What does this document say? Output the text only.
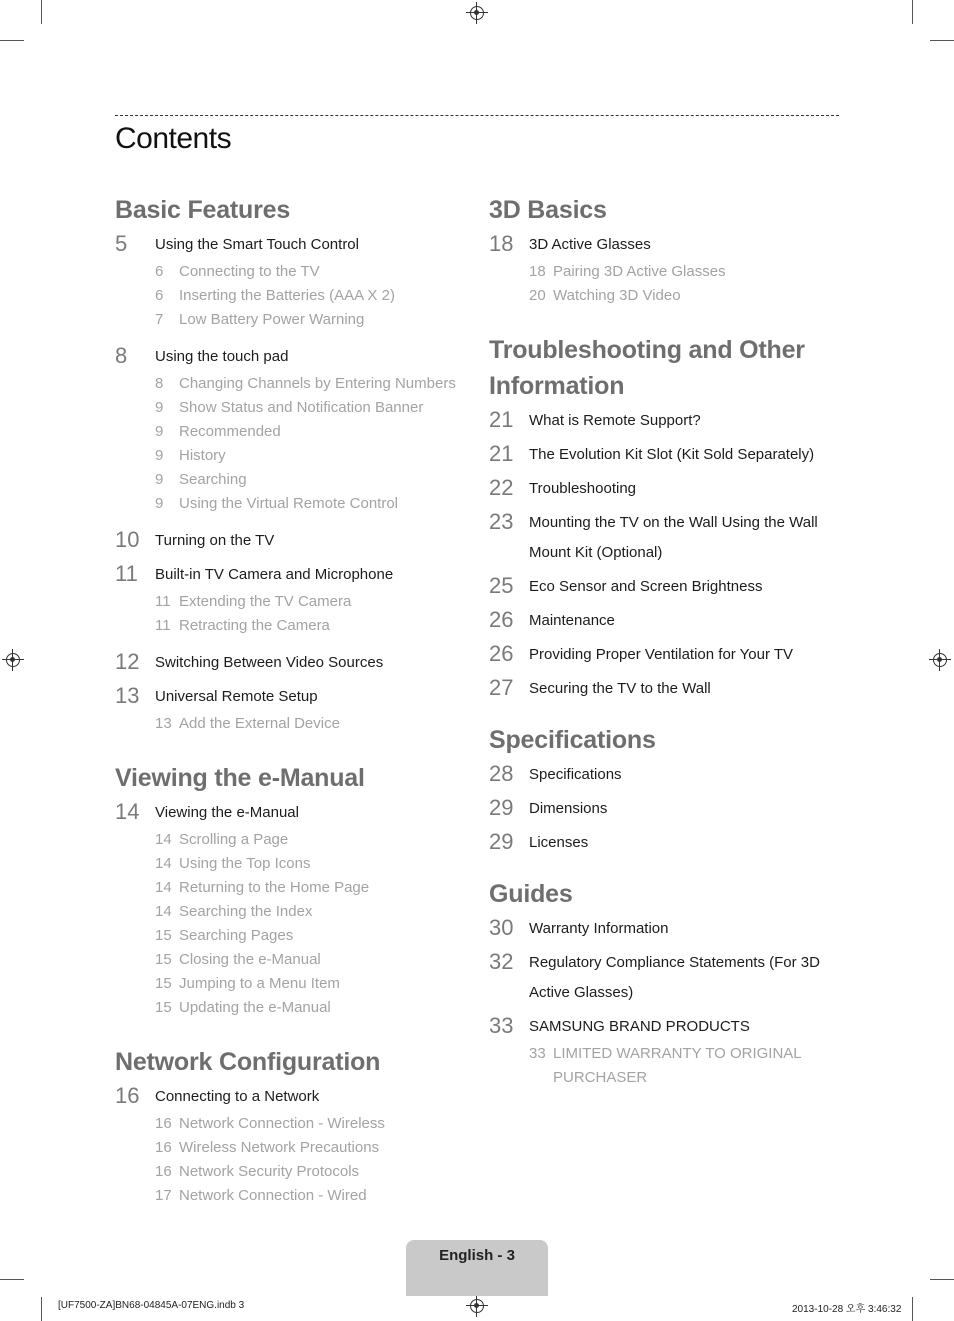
Contents
Basic Features
5	Using the Smart Touch Control
6	Connecting to the TV
6	Inserting the Batteries (AAA X 2)
7	Low Battery Power Warning
8	Using the touch pad
8	Changing Channels by Entering Numbers
9	Show Status and Notification Banner
9	Recommended
9	History
9	Searching
9	Using the Virtual Remote Control
10	Turning on the TV
11	Built-in TV Camera and Microphone
11 Extending the TV Camera
11 Retracting the Camera
12	Switching Between Video Sources
13	Universal Remote Setup
13 Add the External Device
Viewing the e-Manual
14	Viewing the e-Manual
14 Scrolling a Page
14 Using the Top Icons
14 Returning to the Home Page
14 Searching the Index
15 Searching Pages
15 Closing the e-Manual
15 Jumping to a Menu Item
15 Updating the e-Manual
Network Configuration
16	Connecting to a Network
16 Network Connection - Wireless
16 Wireless Network Precautions
16 Network Security Protocols
17 Network Connection - Wired
3D Basics
18	3D Active Glasses
18 Pairing 3D Active Glasses
20 Watching 3D Video
Troubleshooting and Other Information
21	What is Remote Support?
21	The Evolution Kit Slot (Kit Sold Separately)
22	Troubleshooting
23	Mounting the TV on the Wall Using the Wall Mount Kit (Optional)
25	Eco Sensor and Screen Brightness
26	Maintenance
26	Providing Proper Ventilation for Your TV
27	Securing the TV to the Wall
Specifications
28	Specifications
29	Dimensions
29	Licenses
Guides
30	Warranty Information
32	Regulatory Compliance Statements (For 3D Active Glasses)
33	SAMSUNG BRAND PRODUCTS
33 LIMITED WARRANTY TO ORIGINAL PURCHASER
English - 3
[UF7500-ZA]BN68-04845A-07ENG.indb 3	2013-10-28 오후 3:46:32
